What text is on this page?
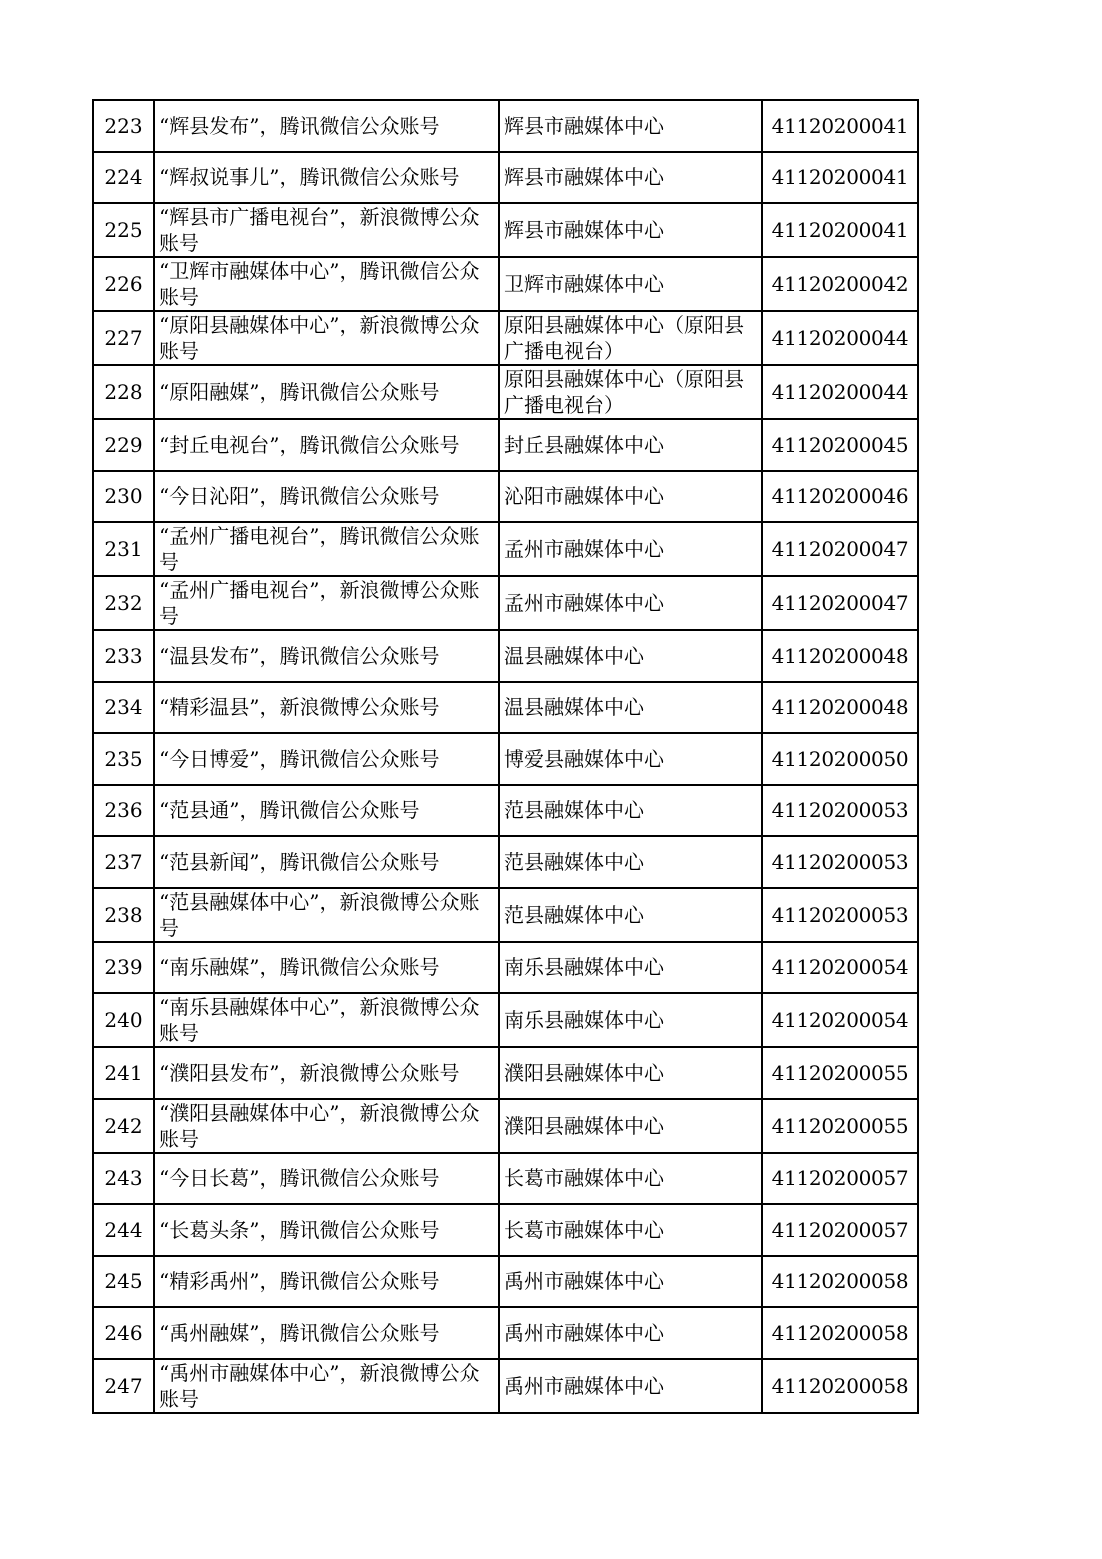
223	“辉县发布”，腾讯微信公众账号	辉县市融媒体中心	41120200041
224	“辉叔说事儿”，腾讯微信公众账号	辉县市融媒体中心	41120200041
225	“辉县市广播电视台”，新浪微博公众账号	辉县市融媒体中心	41120200041
226	“卫辉市融媒体中心”，腾讯微信公众账号	卫辉市融媒体中心	41120200042
227	“原阳县融媒体中心”，新浪微博公众账号	原阳县融媒体中心（原阳县广播电视台）	41120200044
228	“原阳融媒”，腾讯微信公众账号	原阳县融媒体中心（原阳县广播电视台）	41120200044
229	“封丘电视台”，腾讯微信公众账号	封丘县融媒体中心	41120200045
230	“今日沁阳”，腾讯微信公众账号	沁阳市融媒体中心	41120200046
231	“孟州广播电视台”，腾讯微信公众账号	孟州市融媒体中心	41120200047
232	“孟州广播电视台”，新浪微博公众账号	孟州市融媒体中心	41120200047
233	“温县发布”，腾讯微信公众账号	温县融媒体中心	41120200048
234	“精彩温县”，新浪微博公众账号	温县融媒体中心	41120200048
235	“今日博爱”，腾讯微信公众账号	博爱县融媒体中心	41120200050
236	“范县通”，腾讯微信公众账号	范县融媒体中心	41120200053
237	“范县新闻”，腾讯微信公众账号	范县融媒体中心	41120200053
238	“范县融媒体中心”，新浪微博公众账号	范县融媒体中心	41120200053
239	“南乐融媒”，腾讯微信公众账号	南乐县融媒体中心	41120200054
240	“南乐县融媒体中心”，新浪微博公众账号	南乐县融媒体中心	41120200054
241	“濮阳县发布”，新浪微博公众账号	濮阳县融媒体中心	41120200055
242	“濮阳县融媒体中心”，新浪微博公众账号	濮阳县融媒体中心	41120200055
243	“今日长葛”，腾讯微信公众账号	长葛市融媒体中心	41120200057
244	“长葛头条”，腾讯微信公众账号	长葛市融媒体中心	41120200057
245	“精彩禹州”，腾讯微信公众账号	禹州市融媒体中心	41120200058
246	“禹州融媒”，腾讯微信公众账号	禹州市融媒体中心	41120200058
247	“禹州市融媒体中心”，新浪微博公众账号	禹州市融媒体中心	41120200058
